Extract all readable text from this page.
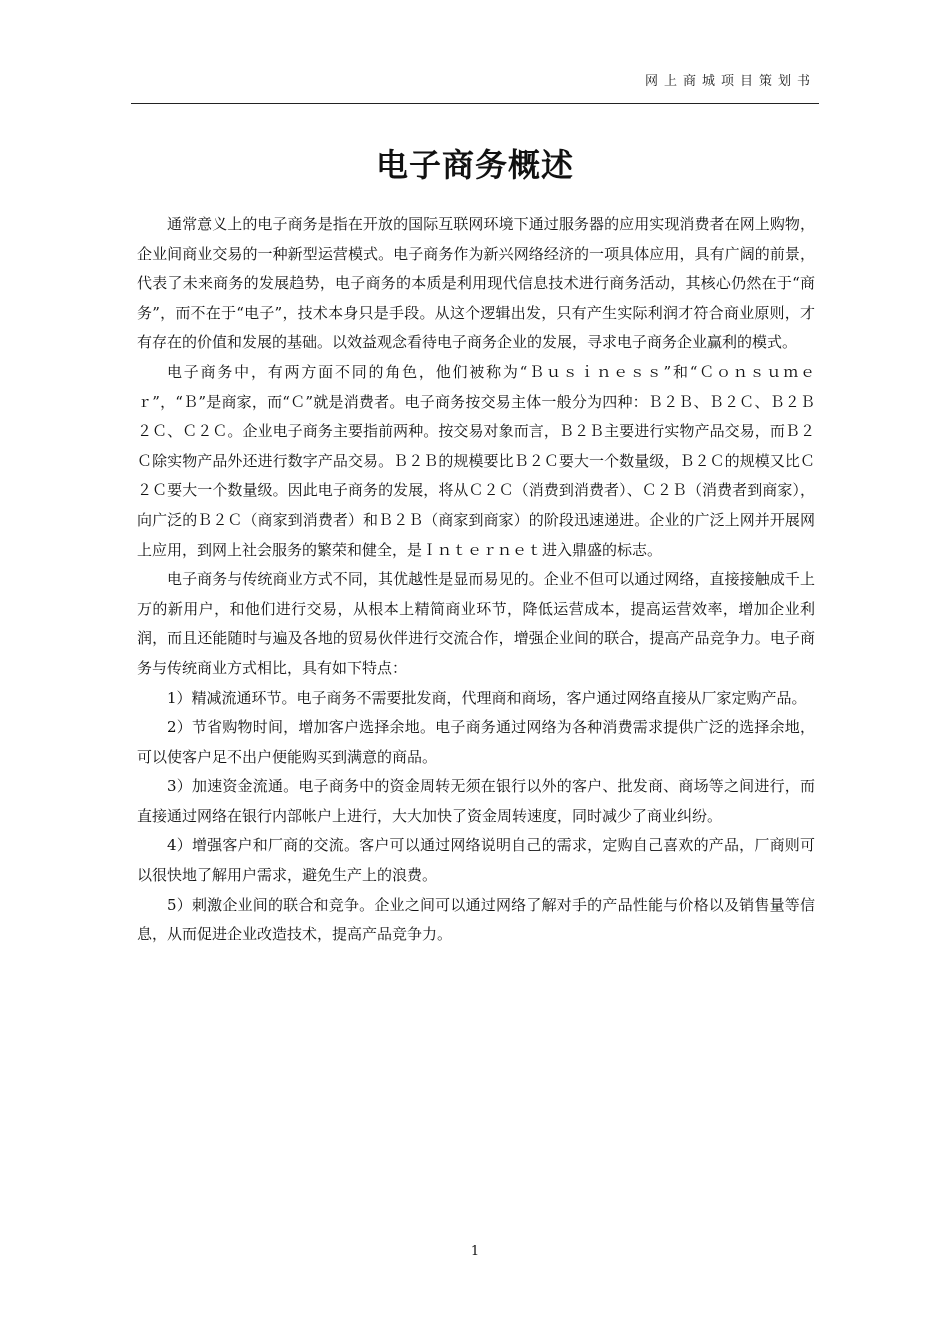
网上商城项目策划书
电子商务概述

通常意义上的电子商务是指在开放的国际互联网环境下通过服务器的应用实现消费者在网上购物，企业间商业交易的一种新型运营模式。电子商务作为新兴网络经济的一项具体应用，具有广阔的前景，代表了未来商务的发展趋势，电子商务的本质是利用现代信息技术进行商务活动，其核心仍然在于“商务”，而不在于“电子”，技术本身只是手段。从这个逻辑出发，只有产生实际利润才符合商业原则，才有存在的价值和发展的基础。以效益观念看待电子商务企业的发展，寻求电子商务企业赢利的模式。

电子商务中，有两方面不同的角色，他们被称为“Ｂｕｓｉｎｅｓｓ”和“Ｃｏｎｓｕｍｅｒ”，“Ｂ”是商家，而“Ｃ”就是消费者。电子商务按交易主体一般分为四种：Ｂ２Ｂ、Ｂ２Ｃ、Ｂ２Ｂ２Ｃ、Ｃ２Ｃ。企业电子商务主要指前两种。按交易对象而言，Ｂ２Ｂ主要进行实物产品交易，而Ｂ２Ｃ除实物产品外还进行数字产品交易。Ｂ２Ｂ的规模要比Ｂ２Ｃ要大一个数量级，Ｂ２Ｃ的规模又比Ｃ２Ｃ要大一个数量级。因此电子商务的发展，将从Ｃ２Ｃ（消费到消费者）、Ｃ２Ｂ（消费者到商家），向广泛的Ｂ２Ｃ（商家到消费者）和Ｂ２Ｂ（商家到商家）的阶段迅速递进。企业的广泛上网并开展网上应用，到网上社会服务的繁荣和健全，是Ｉｎｔｅｒｎｅｔ进入鼎盛的标志。

电子商务与传统商业方式不同，其优越性是显而易见的。企业不但可以通过网络，直接接触成千上万的新用户，和他们进行交易，从根本上精简商业环节，降低运营成本，提高运营效率，增加企业利润，而且还能随时与遍及各地的贸易伙伴进行交流合作，增强企业间的联合，提高产品竞争力。电子商务与传统商业方式相比，具有如下特点：

1）精减流通环节。电子商务不需要批发商，代理商和商场，客户通过网络直接从厂家定购产品。

2）节省购物时间，增加客户选择余地。电子商务通过网络为各种消费需求提供广泛的选择余地，可以使客户足不出户便能购买到满意的商品。

3）加速资金流通。电子商务中的资金周转无须在银行以外的客户、批发商、商场等之间进行，而直接通过网络在银行内部帐户上进行，大大加快了资金周转速度，同时减少了商业纠纷。

4）增强客户和厂商的交流。客户可以通过网络说明自己的需求，定购自己喜欢的产品，厂商则可以很快地了解用户需求，避免生产上的浪费。

5）刺激企业间的联合和竞争。企业之间可以通过网络了解对手的产品性能与价格以及销售量等信息，从而促进企业改造技术，提高产品竞争力。

1
